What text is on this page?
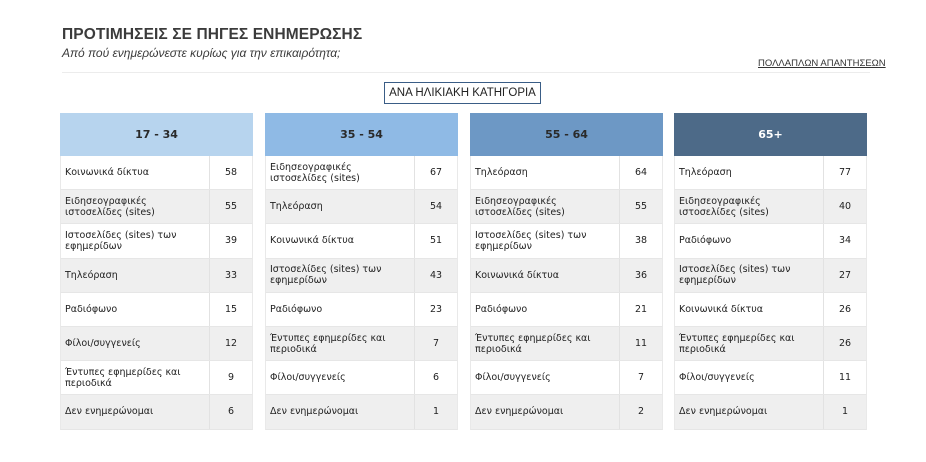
ΠΡΟΤΙΜΗΣΕΙΣ ΣΕ ΠΗΓΕΣ ΕΝΗΜΕΡΩΣΗΣ
Από πού ενημερώνεστε κυρίως για την επικαιρότητα;
ΠΟΛΛΑΠΛΩΝ ΑΠΑΝΤΗΣΕΩΝ
ΑΝΑ ΗΛΙΚΙΑΚΗ ΚΑΤΗΓΟΡΙΑ
17 - 34
Κοινωνικά δίκτυα	58
Ειδησεογραφικές ιστοσελίδες (sites)	55
Ιστοσελίδες (sites) των εφημερίδων	39
Τηλεόραση	33
Ραδιόφωνο	15
Φίλοι/συγγενείς	12
Έντυπες εφημερίδες και περιοδικά	9
Δεν ενημερώνομαι	6
35 - 54
Ειδησεογραφικές ιστοσελίδες (sites)	67
Τηλεόραση	54
Κοινωνικά δίκτυα	51
Ιστοσελίδες (sites) των εφημερίδων	43
Ραδιόφωνο	23
Έντυπες εφημερίδες και περιοδικά	7
Φίλοι/συγγενείς	6
Δεν ενημερώνομαι	1
55 - 64
Τηλεόραση	64
Ειδησεογραφικές ιστοσελίδες (sites)	55
Ιστοσελίδες (sites) των εφημερίδων	38
Κοινωνικά δίκτυα	36
Ραδιόφωνο	21
Έντυπες εφημερίδες και περιοδικά	11
Φίλοι/συγγενείς	7
Δεν ενημερώνομαι	2
65+
Τηλεόραση	77
Ειδησεογραφικές ιστοσελίδες (sites)	40
Ραδιόφωνο	34
Ιστοσελίδες (sites) των εφημερίδων	27
Κοινωνικά δίκτυα	26
Έντυπες εφημερίδες και περιοδικά	26
Φίλοι/συγγενείς	11
Δεν ενημερώνομαι	1
